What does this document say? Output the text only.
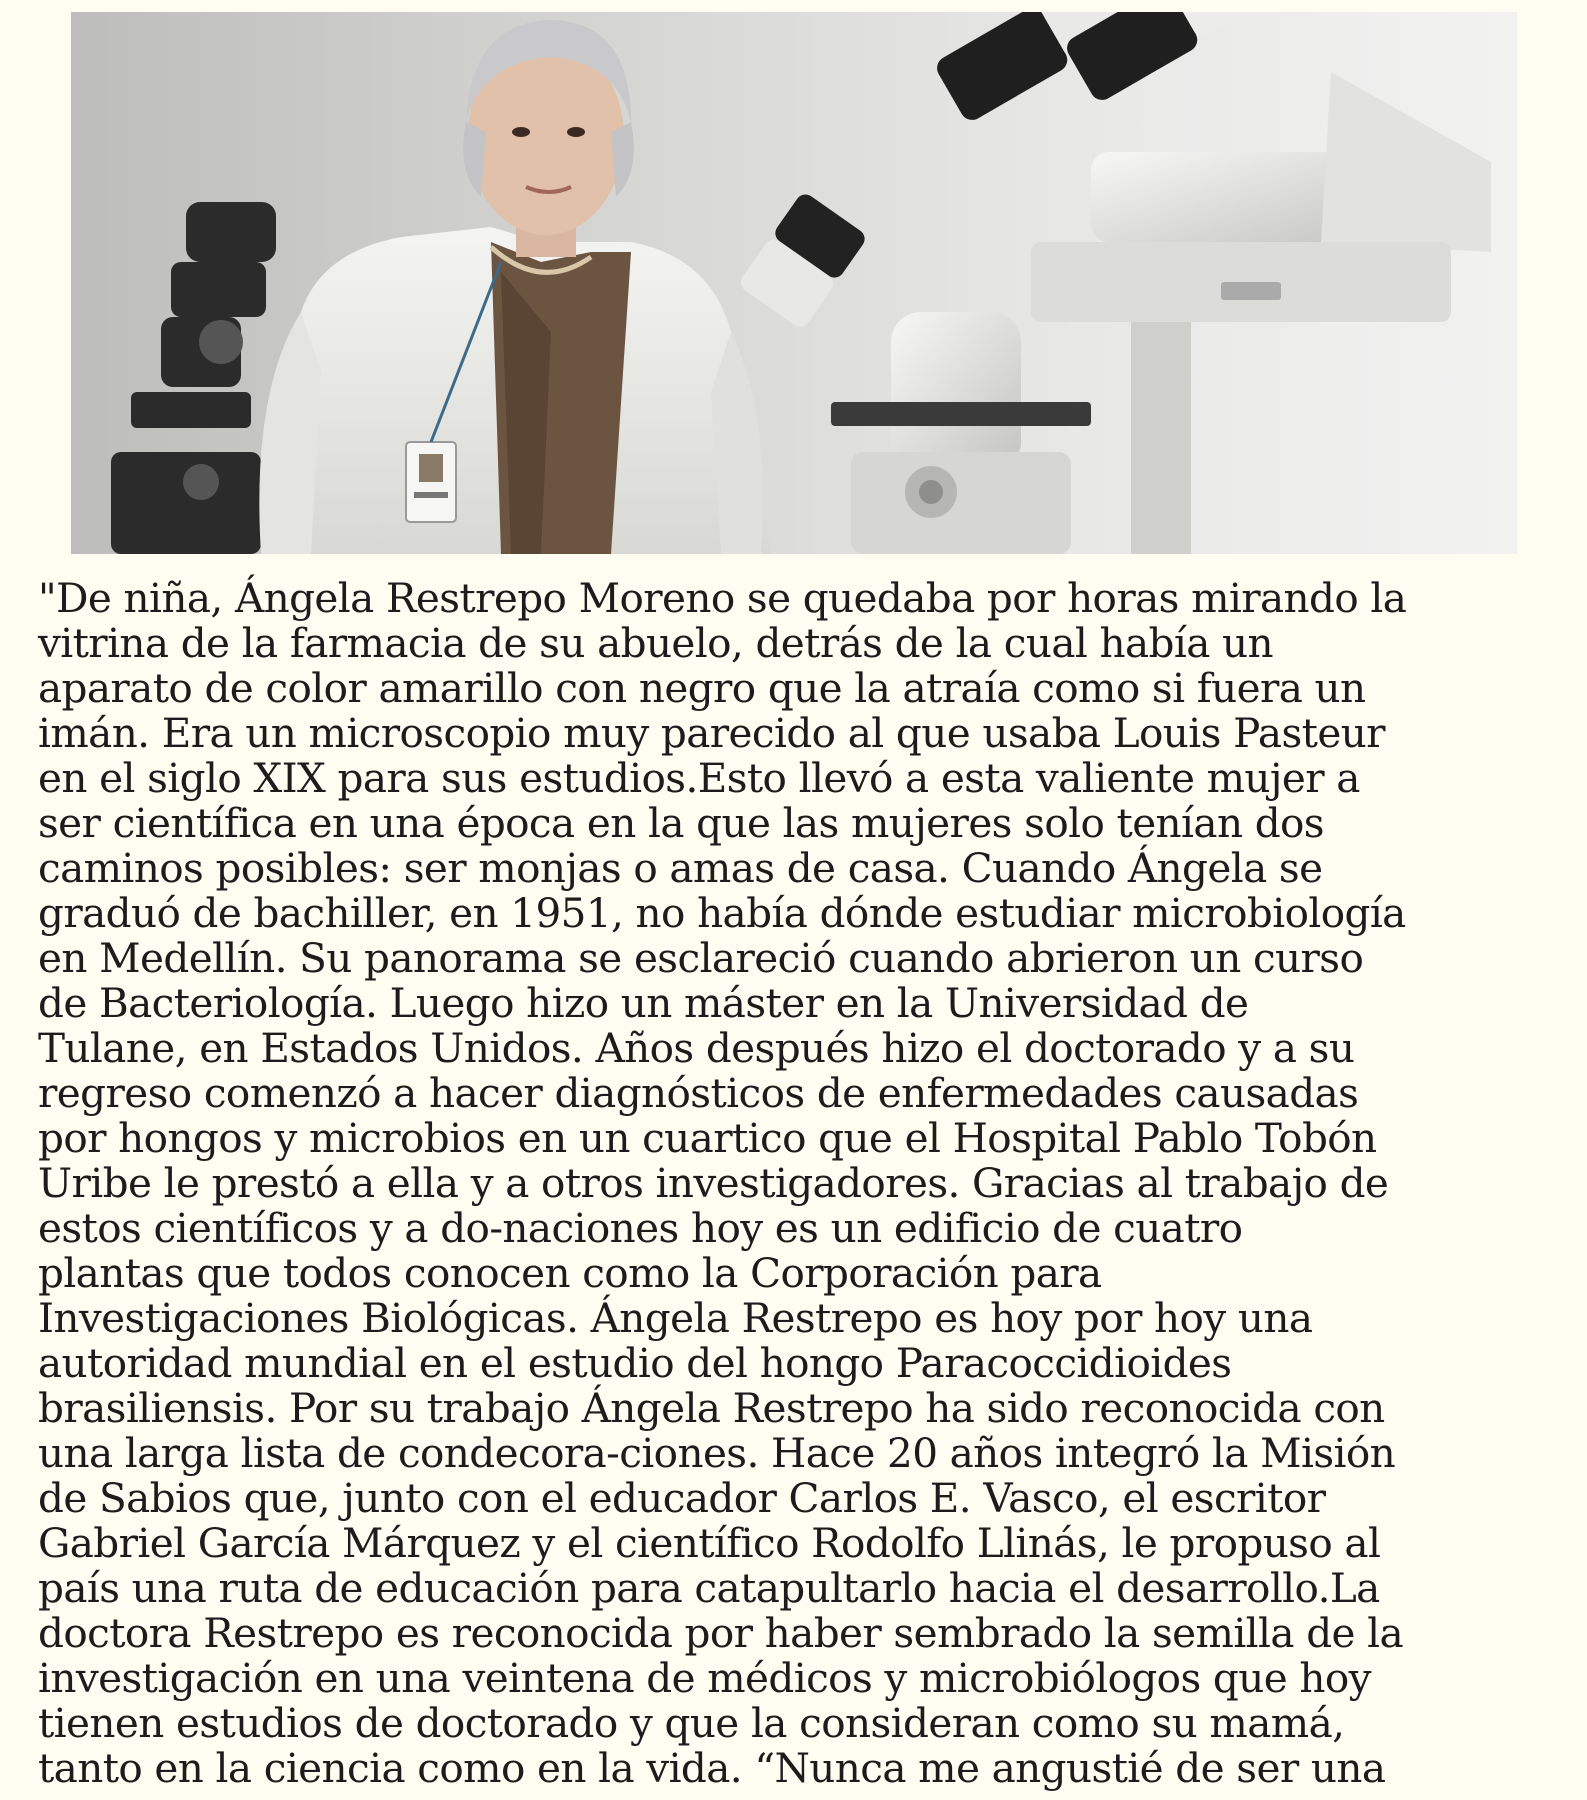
"De niña, Ángela Restrepo Moreno se quedaba por horas mirando la
vitrina de la farmacia de su abuelo, detrás de la cual había un
aparato de color amarillo con negro que la atraía como si fuera un
imán. Era un microscopio muy parecido al que usaba Louis Pasteur
en el siglo XIX para sus estudios.Esto llevó a esta valiente mujer a
ser científica en una época en la que las mujeres solo tenían dos
caminos posibles: ser monjas o amas de casa. Cuando Ángela se
graduó de bachiller, en 1951, no había dónde estudiar microbiología
en Medellín. Su panorama se esclareció cuando abrieron un curso
de Bacteriología. Luego hizo un máster en la Universidad de
Tulane, en Estados Unidos. Años después hizo el doctorado y a su
regreso comenzó a hacer diagnósticos de enfermedades causadas
por hongos y microbios en un cuartico que el Hospital Pablo Tobón
Uribe le prestó a ella y a otros investigadores. Gracias al trabajo de
estos científicos y a do-naciones hoy es un edificio de cuatro
plantas que todos conocen como la Corporación para
Investigaciones Biológicas. Ángela Restrepo es hoy por hoy una
autoridad mundial en el estudio del hongo Paracoccidioides
brasiliensis. Por su trabajo Ángela Restrepo ha sido reconocida con
una larga lista de condecora-ciones. Hace 20 años integró la Misión
de Sabios que, junto con el educador Carlos E. Vasco, el escritor
Gabriel García Márquez y el científico Rodolfo Llinás, le propuso al
país una ruta de educación para catapultarlo hacia el desarrollo.La
doctora Restrepo es reconocida por haber sembrado la semilla de la
investigación en una veintena de médicos y microbiólogos que hoy
tienen estudios de doctorado y que la consideran como su mamá,
tanto en la ciencia como en la vida. “Nunca me angustié de ser una
